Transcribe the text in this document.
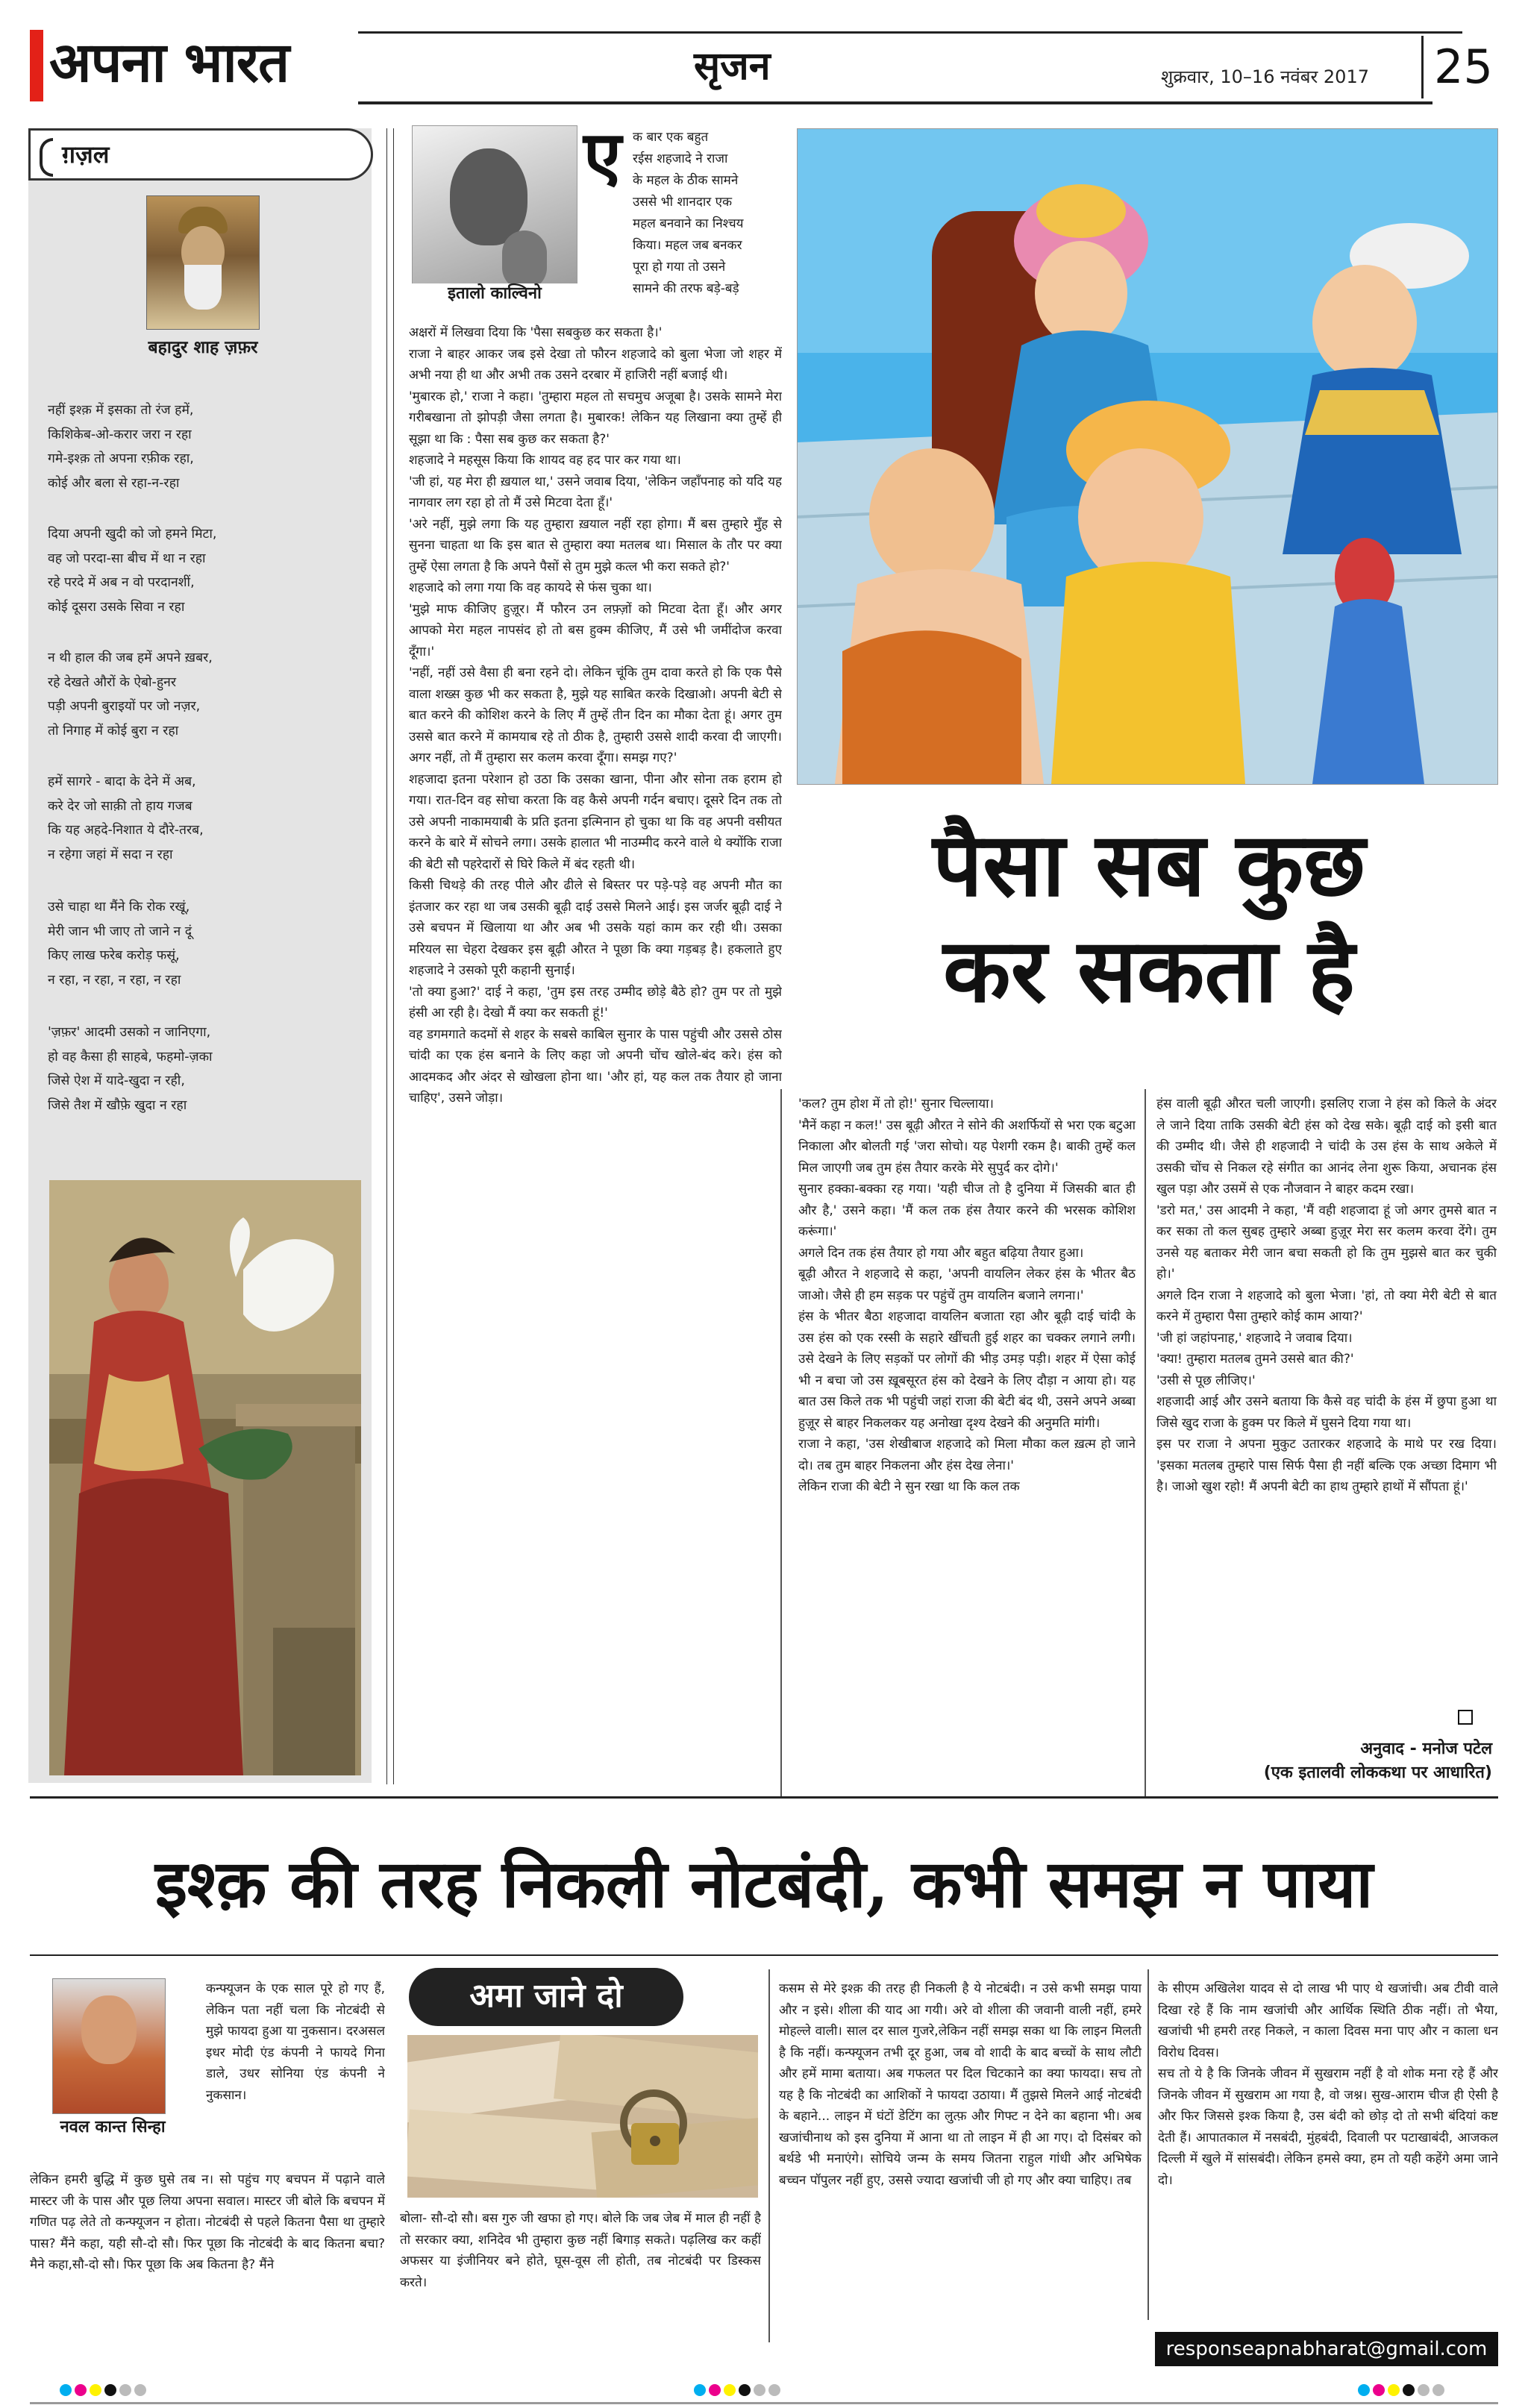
अपना भारत	सृजन	शुक्रवार, 10–16 नवंबर 2017 25
ग़ज़ल
बहादुर शाह ज़फ़र

नहीं इश्क़ में इसका तो रंज हमें,
किशिकेब-ओ-करार जरा न रहा
गमे-इश्क़ तो अपना रफ़ीक रहा,
कोई और बला से रहा-न-रहा

दिया अपनी खुदी को जो हमने मिटा,
वह जो परदा-सा बीच में था न रहा
रहे परदे में अब न वो परदानशीं,
कोई दूसरा उसके सिवा न रहा

न थी हाल की जब हमें अपने ख़बर,
रहे देखते औरों के ऐबो-हुनर
पड़ी अपनी बुराइयों पर जो नज़र,
तो निगाह में कोई बुरा न रहा

हमें सागरे - बादा के देने में अब,
करे देर जो साक़ी तो हाय गजब
कि यह अहदे-निशात ये दौरे-तरब,
न रहेगा जहां में सदा न रहा

उसे चाहा था मैंने कि रोक रखूं,
मेरी जान भी जाए तो जाने न दूं
किए लाख फरेब करोड़ फसूं,
न रहा, न रहा, न रहा, न रहा

'ज़फ़र' आदमी उसको न जानिएगा,
हो वह कैसा ही साहबे, फहमो-ज़का
जिसे ऐश में यादे-खुदा न रही,
जिसे तैश में खौफ़े खुदा न रहा

इतालो काल्विनो
ए क बार एक बहुत
रईस शहजादे ने राजा
के महल के ठीक सामने
उससे भी शानदार एक
महल बनवाने का निश्चय
किया। महल जब बनकर
पूरा हो गया तो उसने
सामने की तरफ बड़े-बड़े

अक्षरों में लिखवा दिया कि 'पैसा सबकुछ कर सकता है।'
राजा ने बाहर आकर जब इसे देखा तो फौरन शहजादे को बुला भेजा जो शहर में अभी नया ही था और अभी तक उसने दरबार में हाजिरी नहीं बजाई थी।
'मुबारक हो,' राजा ने कहा। 'तुम्हारा महल तो सचमुच अजूबा है। उसके सामने मेरा गरीबखाना तो झोपड़ी जैसा लगता है। मुबारक! लेकिन यह लिखाना क्या तुम्हें ही सूझा था कि : पैसा सब कुछ कर सकता है?'
शहजादे ने महसूस किया कि शायद वह हद पार कर गया था।
'जी हां, यह मेरा ही ख़याल था,' उसने जवाब दिया, 'लेकिन जहाँपनाह को यदि यह नागवार लग रहा हो तो मैं उसे मिटवा देता हूँ।'
'अरे नहीं, मुझे लगा कि यह तुम्हारा ख़याल नहीं रहा होगा। मैं बस तुम्हारे मुँह से सुनना चाहता था कि इस बात से तुम्हारा क्या मतलब था। मिसाल के तौर पर क्या तुम्हें ऐसा लगता है कि अपने पैसों से तुम मुझे कत्ल भी करा सकते हो?'
शहजादे को लगा गया कि वह कायदे से फंस चुका था।
'मुझे माफ कीजिए हुज़ूर। मैं फौरन उन लफ़्ज़ों को मिटवा देता हूँ। और अगर आपको मेरा महल नापसंद हो तो बस हुक्म कीजिए, मैं उसे भी जमींदोज करवा दूँगा।'
'नहीं, नहीं उसे वैसा ही बना रहने दो। लेकिन चूंकि तुम दावा करते हो कि एक पैसे वाला शख्स कुछ भी कर सकता है, मुझे यह साबित करके दिखाओ। अपनी बेटी से बात करने की कोशिश करने के लिए मैं तुम्हें तीन दिन का मौका देता हूं। अगर तुम उससे बात करने में कामयाब रहे तो ठीक है, तुम्हारी उससे शादी करवा दी जाएगी। अगर नहीं, तो मैं तुम्हारा सर कलम करवा दूँगा। समझ गए?'
शहजादा इतना परेशान हो उठा कि उसका खाना, पीना और सोना तक हराम हो गया। रात-दिन वह सोचा करता कि वह कैसे अपनी गर्दन बचाए। दूसरे दिन तक तो उसे अपनी नाकामयाबी के प्रति इतना इत्मिनान हो चुका था कि वह अपनी वसीयत करने के बारे में सोचने लगा। उसके हालात भी नाउम्मीद करने वाले थे क्योंकि राजा की बेटी सौ पहरेदारों से घिरे किले में बंद रहती थी।
किसी चिथड़े की तरह पीले और ढीले से बिस्तर पर पड़े-पड़े वह अपनी मौत का इंतजार कर रहा था जब उसकी बूढ़ी दाई उससे मिलने आई। इस जर्जर बूढ़ी दाई ने उसे बचपन में खिलाया था और अब भी उसके यहां काम कर रही थी। उसका मरियल सा चेहरा देखकर इस बूढ़ी औरत ने पूछा कि क्या गड़बड़ है। हकलाते हुए शहजादे ने उसको पूरी कहानी सुनाई।
'तो क्या हुआ?' दाई ने कहा, 'तुम इस तरह उम्मीद छोड़े बैठे हो? तुम पर तो मुझे हंसी आ रही है। देखो मैं क्या कर सकती हूं!'
वह डगमगाते कदमों से शहर के सबसे काबिल सुनार के पास पहुंची और उससे ठोस चांदी का एक हंस बनाने के लिए कहा जो अपनी चोंच खोले-बंद करे। हंस को आदमकद और अंदर से खोखला होना था। 'और हां, यह कल तक तैयार हो जाना चाहिए', उसने जोड़ा।

पैसा सब कुछ
कर सकता है

'कल? तुम होश में तो हो!' सुनार चिल्लाया।
'मैनें कहा न कल!' उस बूढ़ी औरत ने सोने की अशर्फियों से भरा एक बटुआ निकाला और बोलती गई 'जरा सोचो। यह पेशगी रकम है। बाकी तुम्हें कल मिल जाएगी जब तुम हंस तैयार करके मेरे सुपुर्द कर दोगे।'
सुनार हक्का-बक्का रह गया। 'यही चीज तो है दुनिया में जिसकी बात ही और है,' उसने कहा। 'मैं कल तक हंस तैयार करने की भरसक कोशिश करूंगा।'
अगले दिन तक हंस तैयार हो गया और बहुत बढ़िया तैयार हुआ।
बूढ़ी औरत ने शहजादे से कहा, 'अपनी वायलिन लेकर हंस के भीतर बैठ जाओ। जैसे ही हम सड़क पर पहुंचें तुम वायलिन बजाने लगना।'
हंस के भीतर बैठा शहजादा वायलिन बजाता रहा और बूढ़ी दाई चांदी के उस हंस को एक रस्सी के सहारे खींचती हुई शहर का चक्कर लगाने लगी। उसे देखने के लिए सड़कों पर लोगों की भीड़ उमड़ पड़ी। शहर में ऐसा कोई भी न बचा जो उस ख़ूबसूरत हंस को देखने के लिए दौड़ा न आया हो। यह बात उस किले तक भी पहुंची जहां राजा की बेटी बंद थी, उसने अपने अब्बा हुज़ूर से बाहर निकलकर यह अनोखा दृश्य देखने की अनुमति मांगी।
राजा ने कहा, 'उस शेखीबाज शहजादे को मिला मौका कल ख़त्म हो जाने दो। तब तुम बाहर निकलना और हंस देख लेना।'
लेकिन राजा की बेटी ने सुन रखा था कि कल तक

हंस वाली बूढ़ी औरत चली जाएगी। इसलिए राजा ने हंस को किले के अंदर ले जाने दिया ताकि उसकी बेटी हंस को देख सके। बूढ़ी दाई को इसी बात की उम्मीद थी। जैसे ही शहजादी ने चांदी के उस हंस के साथ अकेले में उसकी चोंच से निकल रहे संगीत का आनंद लेना शुरू किया, अचानक हंस खुल पड़ा और उसमें से एक नौजवान ने बाहर कदम रखा।
'डरो मत,' उस आदमी ने कहा, 'मैं वही शहजादा हूं जो अगर तुमसे बात न कर सका तो कल सुबह तुम्हारे अब्बा हुज़ूर मेरा सर कलम करवा देंगे। तुम उनसे यह बताकर मेरी जान बचा सकती हो कि तुम मुझसे बात कर चुकी हो।'
अगले दिन राजा ने शहजादे को बुला भेजा। 'हां, तो क्या मेरी बेटी से बात करने में तुम्हारा पैसा तुम्हारे कोई काम आया?'
'जी हां जहांपनाह,' शहजादे ने जवाब दिया।
'क्या! तुम्हारा मतलब तुमने उससे बात की?'
'उसी से पूछ लीजिए।'
शहजादी आई और उसने बताया कि कैसे वह चांदी के हंस में छुपा हुआ था जिसे खुद राजा के हुक्म पर किले में घुसने दिया गया था।
इस पर राजा ने अपना मुकुट उतारकर शहजादे के माथे पर रख दिया। 'इसका मतलब तुम्हारे पास सिर्फ पैसा ही नहीं बल्कि एक अच्छा दिमाग भी है। जाओ खुश रहो! मैं अपनी बेटी का हाथ तुम्हारे हाथों में सौंपता हूं।'

अनुवाद - मनोज पटेल
(एक इतालवी लोककथा पर आधारित)
इश्क़ की तरह निकली नोटबंदी, कभी समझ न पाया
नवल कान्त सिन्हा

कन्फ्यूजन के एक साल पूरे हो गए हैं, लेकिन पता नहीं चला कि नोटबंदी से मुझे फायदा हुआ या नुकसान। दरअसल इधर मोदी एंड कंपनी ने फायदे गिना डाले, उधर सोनिया एंड कंपनी ने नुकसान।

लेकिन हमरी बुद्धि में कुछ घुसे तब न। सो पहुंच गए बचपन में पढ़ाने वाले मास्टर जी के पास और पूछ लिया अपना सवाल। मास्टर जी बोले कि बचपन में गणित पढ़ लेते तो कन्फ्यूजन न होता। नोटबंदी से पहले कितना पैसा था तुम्हारे पास? मैंने कहा, यही सौ-दो सौ। फिर पूछा कि नोटबंदी के बाद कितना बचा? मैने कहा,सौ-दो सौ। फिर पूछा कि अब कितना है? मैंने

अमा जाने दो

बोला- सौ-दो सौ। बस गुरु जी खफा हो गए। बोले कि जब जेब में माल ही नहीं है तो सरकार क्या, शनिदेव भी तुम्हारा कुछ नहीं बिगाड़ सकते। पढ़लिख कर कहीं अफसर या इंजीनियर बने होते, घूस-वूस ली होती, तब नोटबंदी पर डिस्कस करते।

कसम से मेरे इश्क़ की तरह ही निकली है ये नोटबंदी। न उसे कभी समझ पाया और न इसे। शीला की याद आ गयी। अरे वो शीला की जवानी वाली नहीं, हमरे मोहल्ले वाली। साल दर साल गुजरे,लेकिन नहीं समझ सका था कि लाइन मिलती है कि नहीं। कन्फ्यूजन तभी दूर हुआ, जब वो शादी के बाद बच्चों के साथ लौटी और हमें मामा बताया। अब गफलत पर दिल चिटकाने का क्या फायदा। सच तो यह है कि नोटबंदी का आशिकों ने फायदा उठाया। मैं तुझसे मिलने आई नोटबंदी के बहाने... लाइन में घंटों डेटिंग का लुत्फ़ और गिफ्ट न देने का बहाना भी। अब खजांचीनाथ को इस दुनिया में आना था तो लाइन में ही आ गए। दो दिसंबर को बर्थडे भी मनाएंगे। सोचिये जन्म के समय जितना राहुल गांधी और अभिषेक बच्चन पॉपुलर नहीं हुए, उससे ज्यादा खजांची जी हो गए और क्या चाहिए। तब

के सीएम अखिलेश यादव से दो लाख भी पाए थे खजांची। अब टीवी वाले दिखा रहे हैं कि नाम खजांची और आर्थिक स्थिति ठीक नहीं। तो भैया, खजांची भी हमरी तरह निकले, न काला दिवस मना पाए और न काला धन विरोध दिवस।
सच तो ये है कि जिनके जीवन में सुखराम नहीं है वो शोक मना रहे हैं और जिनके जीवन में सुखराम आ गया है, वो जश्न। सुख-आराम चीज ही ऐसी है और फिर जिससे इश्क किया है, उस बंदी को छोड़ दो तो सभी बंदियां कष्ट देती हैं। आपातकाल में नसबंदी, मुंहबंदी, दिवाली पर पटाखाबंदी, आजकल दिल्ली में खुले में सांसबंदी। लेकिन हमसे क्या, हम तो यही कहेंगे अमा जाने दो।

responseapnabharat@gmail.com
